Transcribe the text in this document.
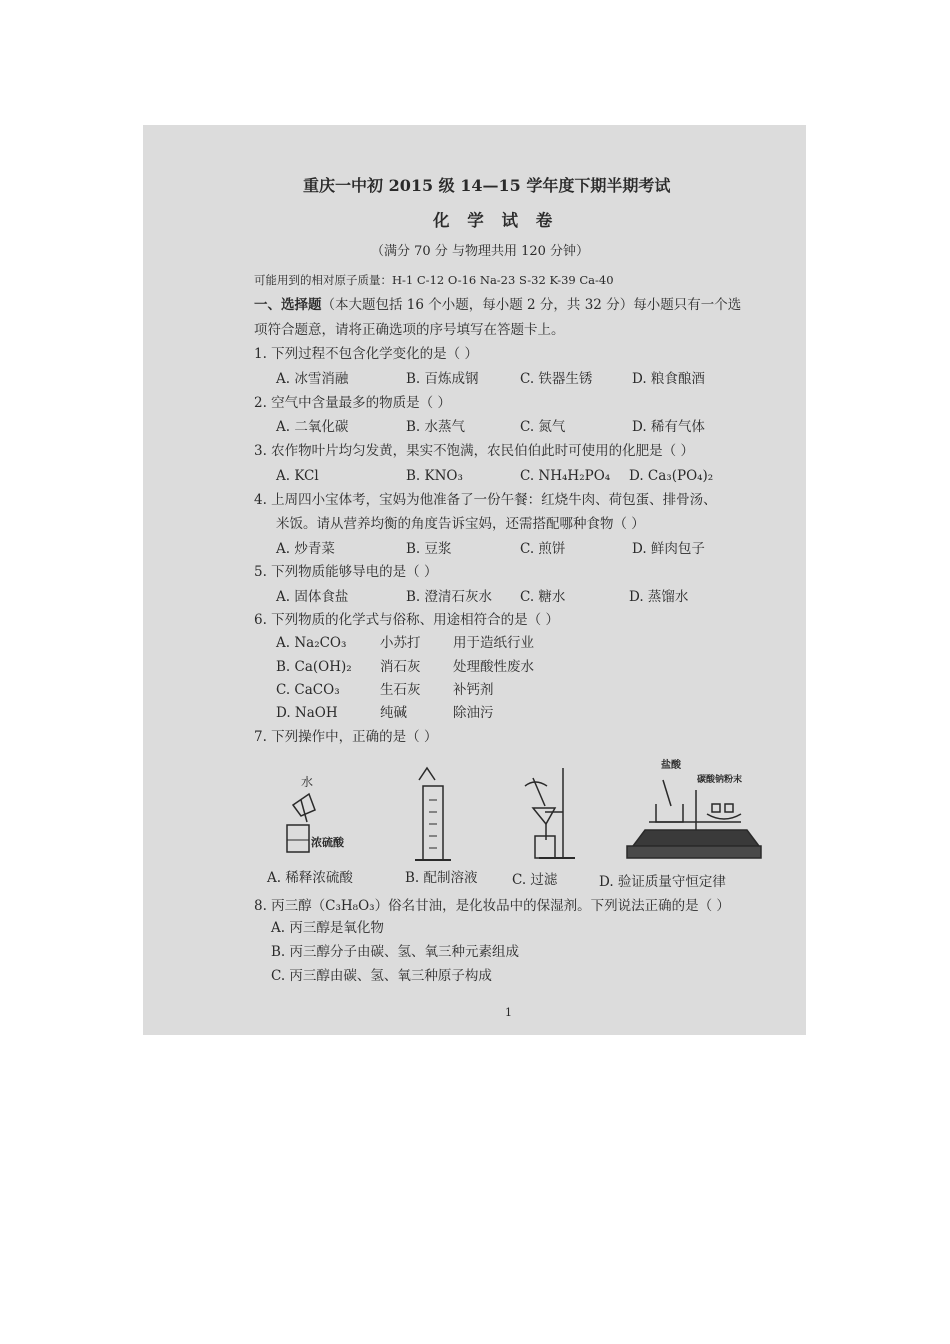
重庆一中初 2015 级 14—15 学年度下期半期考试
化 学 试 卷
（满分 70 分 与物理共用 120 分钟）
可能用到的相对原子质量：H-1 C-12 O-16 Na-23 S-32 K-39 Ca-40
一、选择题（本大题包括 16 个小题，每小题 2 分，共 32 分）每小题只有一个选
项符合题意，请将正确选项的序号填写在答题卡上。
1. 下列过程不包含化学变化的是（ ）
A. 冰雪消融	B. 百炼成钢	C. 铁器生锈	D. 粮食酿酒
2. 空气中含量最多的物质是（ ）
A. 二氧化碳	B. 水蒸气	C. 氮气	D. 稀有气体
3. 农作物叶片均匀发黄，果实不饱满，农民伯伯此时可使用的化肥是（ ）
A. KCl	B. KNO₃	C. NH₄H₂PO₄ D. Ca₃(PO₄)₂
4. 上周四小宝体考，宝妈为他准备了一份午餐：红烧牛肉、荷包蛋、排骨汤、
米饭。请从营养均衡的角度告诉宝妈，还需搭配哪种食物（ ）
A. 炒青菜	B. 豆浆	C. 煎饼	D. 鲜肉包子
5. 下列物质能够导电的是（ ）
A. 固体食盐	B. 澄清石灰水 C. 糖水	D. 蒸馏水
6. 下列物质的化学式与俗称、用途相符合的是（ ）
A. Na₂CO₃ 小苏打 用于造纸行业
B. Ca(OH)₂ 消石灰 处理酸性废水
C. CaCO₃	生石灰 补钙剂
D. NaOH	纯碱	除油污
7. 下列操作中，正确的是（ ）
水
浓硫酸
盐酸
碳酸钠粉末
A. 稀释浓硫酸	B. 配制溶液	C. 过滤	D. 验证质量守恒定律
8. 丙三醇（C₃H₈O₃）俗名甘油，是化妆品中的保湿剂。下列说法正确的是（ ）
A. 丙三醇是氧化物
B. 丙三醇分子由碳、氢、氧三种元素组成
C. 丙三醇由碳、氢、氧三种原子构成
1
